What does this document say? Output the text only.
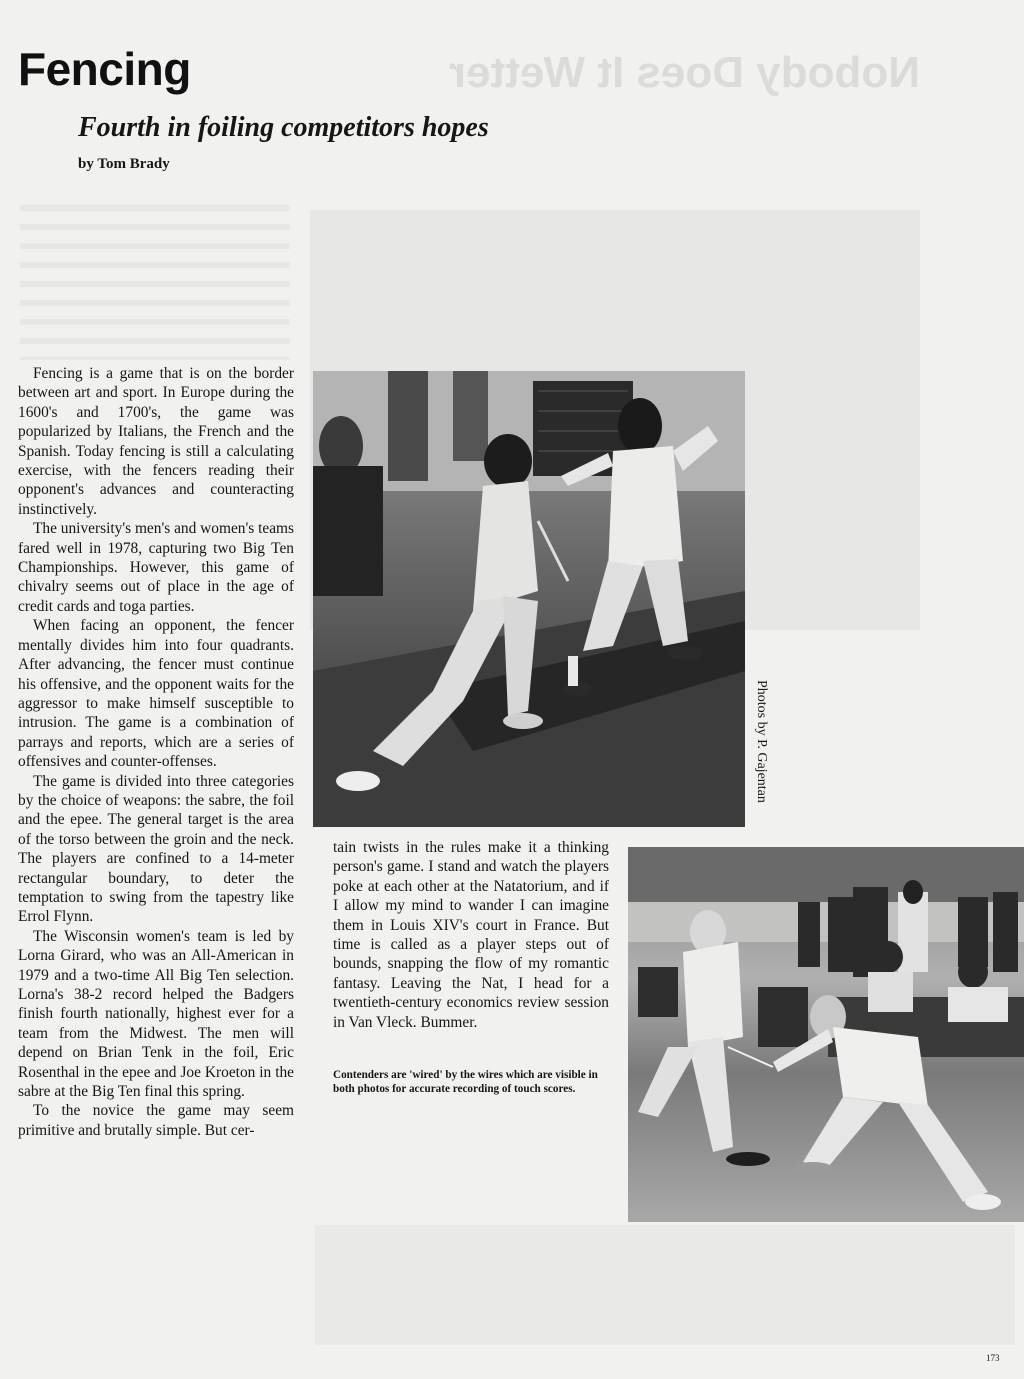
Nobody Does It Wetter
Fencing
Fourth in foiling competitors hopes

by Tom Brady

Fencing is a game that is on the border between art and sport. In Europe during the 1600's and 1700's, the game was popularized by Italians, the French and the Spanish. Today fencing is still a calculating exercise, with the fencers reading their opponent's advances and counteracting instinctively.

The university's men's and women's teams fared well in 1978, capturing two Big Ten Championships. However, this game of chivalry seems out of place in the age of credit cards and toga parties.

When facing an opponent, the fencer mentally divides him into four quadrants. After advancing, the fencer must continue his offensive, and the opponent waits for the aggressor to make himself susceptible to intrusion. The game is a combination of parrays and reports, which are a series of offensives and counter-offenses.

The game is divided into three categories by the choice of weapons: the sabre, the foil and the epee. The general target is the area of the torso between the groin and the neck. The players are confined to a 14-meter rectangular boundary, to deter the temptation to swing from the tapestry like Errol Flynn.

The Wisconsin women's team is led by Lorna Girard, who was an All-American in 1979 and a two-time All Big Ten selection. Lorna's 38-2 record helped the Badgers finish fourth nationally, highest ever for a team from the Midwest. The men will depend on Brian Tenk in the foil, Eric Rosenthal in the epee and Joe Kroeton in the sabre at the Big Ten final this spring.

To the novice the game may seem primitive and brutally simple. But cer-

tain twists in the rules make it a thinking person's game. I stand and watch the players poke at each other at the Natatorium, and if I allow my mind to wander I can imagine them in Louis XIV's court in France. But time is called as a player steps out of bounds, snapping the flow of my romantic fantasy. Leaving the Nat, I head for a twentieth-century economics review session in Van Vleck. Bummer.

Contenders are 'wired' by the wires which are visible in both photos for accurate recording of touch scores.

Photos by P. Gajentan

173
